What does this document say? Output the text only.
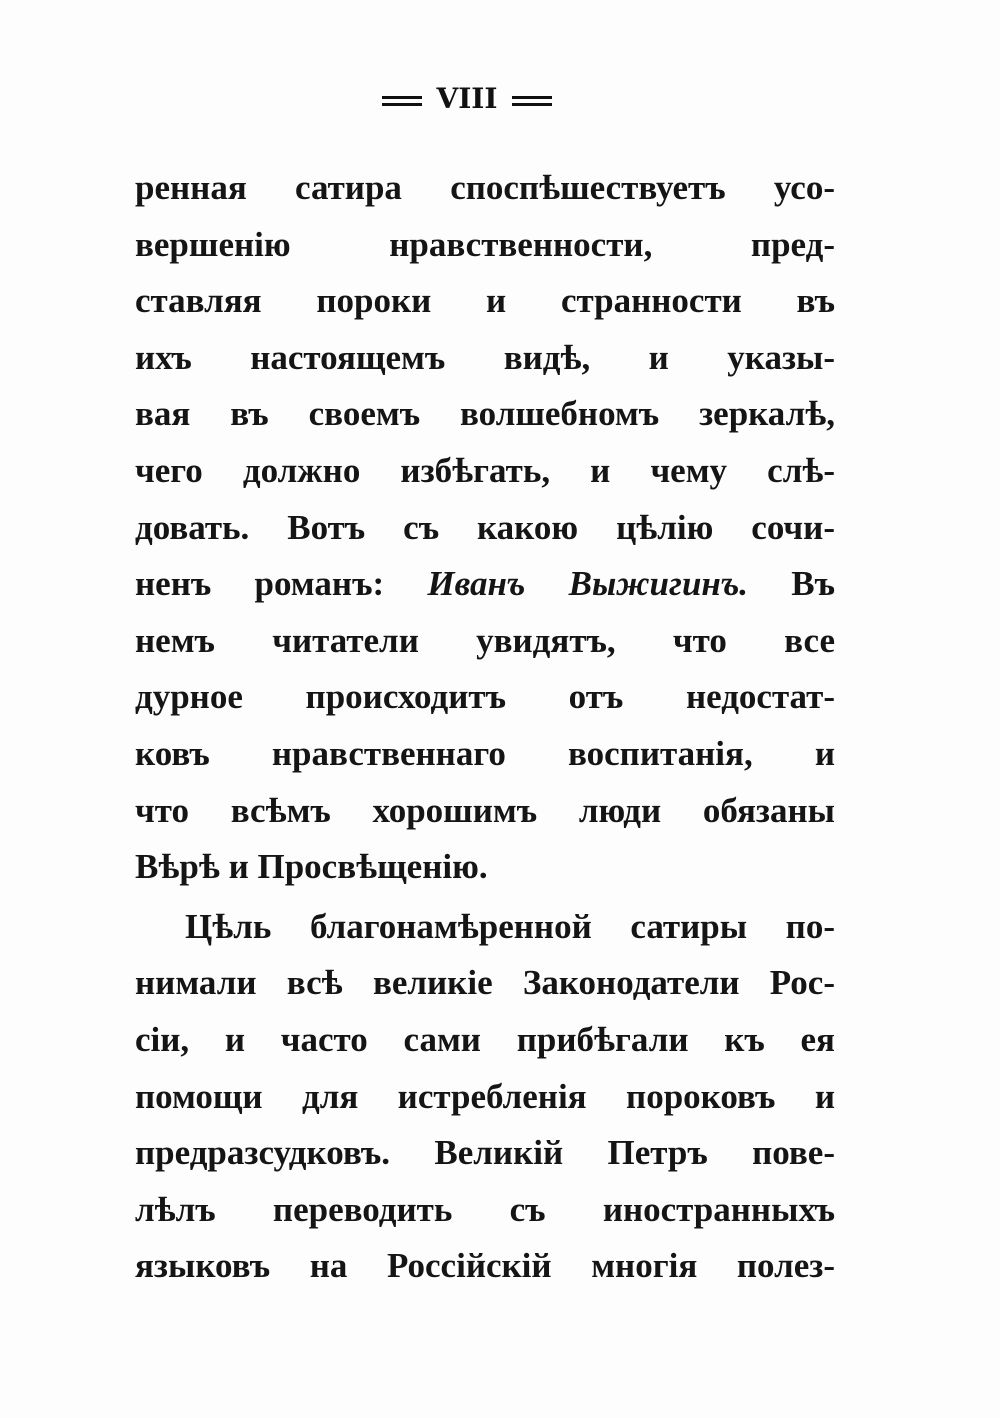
VIII
ренная сатира споспѣшествуетъ усо-
вершенію нравственности, пред-
ставляя пороки и странности въ
ихъ настоящемъ видѣ, и указы-
вая въ своемъ волшебномъ зеркалѣ,
чего должно избѣгать, и чему слѣ-
довать. Вотъ съ какою цѣлію сочи-
ненъ романъ: Иванъ Выжигинъ. Въ
немъ читатели увидятъ, что все
дурное происходитъ отъ недостат-
ковъ нравственнаго воспитанія, и
что всѣмъ хорошимъ люди обязаны
Вѣрѣ и Просвѣщенію.
Цѣль благонамѣренной сатиры по-
нимали всѣ великіе Законодатели Рос-
сіи, и часто сами прибѣгали къ ея
помощи для истребленія пороковъ и
предразсудковъ. Великій Петръ пове-
лѣлъ переводить съ иностранныхъ
языковъ на Россійскій многія полез-
